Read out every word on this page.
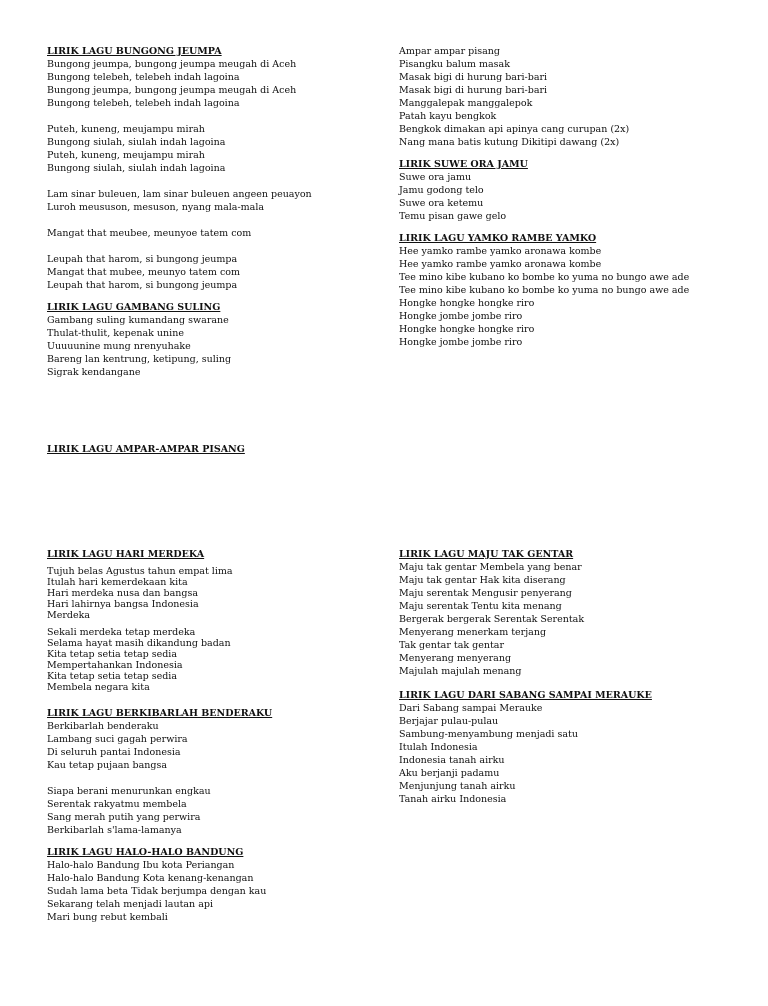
LIRIK LAGU BUNGONG JEUMPA
Bungong jeumpa, bungong jeumpa meugah di Aceh
Bungong telebeh, telebeh indah lagoina
Bungong jeumpa, bungong jeumpa meugah di Aceh
Bungong telebeh, telebeh indah lagoina
Puteh, kuneng, meujampu mirah
Bungong siulah, siulah indah lagoina
Puteh, kuneng, meujampu mirah
Bungong siulah, siulah indah lagoina
Lam sinar buleuen, lam sinar buleuen angeen peuayon
Luroh meususon, mesuson, nyang mala-mala
Mangat that meubee, meunyoe tatem com
Leupah that harom, si bungong jeumpa
Mangat that mubee, meunyo tatem com
Leupah that harom, si bungong jeumpa
LIRIK LAGU GAMBANG SULING
Gambang suling kumandang swarane
Thulat-thulit, kepenak unine
Uuuuunine mung nrenyuhake
Bareng lan kentrung, ketipung, suling
Sigrak kendangane
LIRIK LAGU AMPAR-AMPAR PISANG
Ampar ampar pisang
Pisangku balum masak
Masak bigi di hurung bari-bari
Masak bigi di hurung bari-bari
Manggalepak manggalepok
Patah kayu bengkok
Bengkok dimakan api apinya cang curupan (2x)
Nang mana batis kutung Dikitipi dawang (2x)
LIRIK SUWE ORA JAMU
Suwe ora jamu
Jamu godong telo
Suwe ora ketemu
Temu pisan gawe gelo
LIRIK LAGU YAMKO RAMBE YAMKO
Hee yamko rambe yamko aronawa kombe
Hee yamko rambe yamko aronawa kombe
Tee mino kibe kubano ko bombe ko yuma no bungo awe ade
Tee mino kibe kubano ko bombe ko yuma no bungo awe ade
Hongke hongke hongke riro
Hongke jombe jombe riro
Hongke hongke hongke riro
Hongke jombe jombe riro
LIRIK LAGU HARI MERDEKA
Tujuh belas Agustus tahun empat lima
Itulah hari kemerdekaan kita
Hari merdeka nusa dan bangsa
Hari lahirnya bangsa Indonesia
Merdeka
Sekali merdeka tetap merdeka
Selama hayat masih dikandung badan
Kita tetap setia tetap sedia
Mempertahankan Indonesia
Kita tetap setia tetap sedia
Membela negara kita
LIRIK LAGU BERKIBARLAH BENDERAKU
Berkibarlah benderaku
Lambang suci gagah perwira
Di seluruh pantai Indonesia
Kau tetap pujaan bangsa
Siapa berani menurunkan engkau
Serentak rakyatmu membela
Sang merah putih yang perwira
Berkibarlah s'lama-lamanya
LIRIK LAGU HALO-HALO BANDUNG
Halo-halo Bandung Ibu kota Periangan
Halo-halo Bandung Kota kenang-kenangan
Sudah lama beta Tidak berjumpa dengan kau
Sekarang telah menjadi lautan api
Mari bung rebut kembali
LIRIK LAGU MAJU TAK GENTAR
Maju tak gentar Membela yang benar
Maju tak gentar Hak kita diserang
Maju serentak Mengusir penyerang
Maju serentak Tentu kita menang
Bergerak bergerak Serentak Serentak
Menyerang menerkam terjang
Tak gentar tak gentar
Menyerang menyerang
Majulah majulah menang
LIRIK LAGU DARI SABANG SAMPAI MERAUKE
Dari Sabang sampai Merauke
Berjajar pulau-pulau
Sambung-menyambung menjadi satu
Itulah Indonesia
Indonesia tanah airku
Aku berjanji padamu
Menjunjung tanah airku
Tanah airku Indonesia
